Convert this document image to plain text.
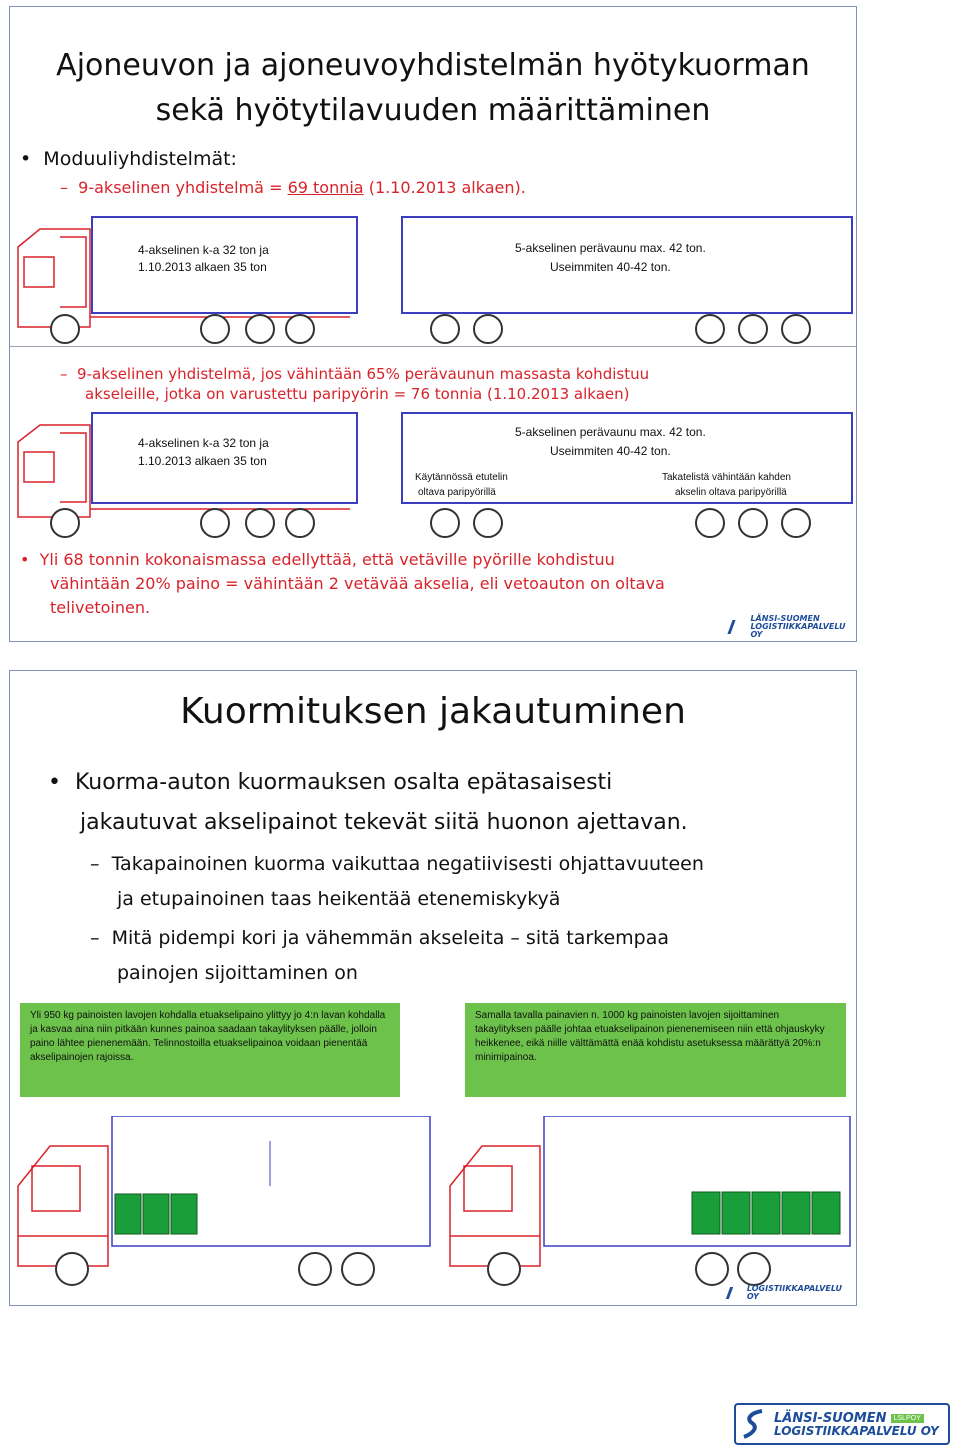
Ajoneuvon ja ajoneuvoyhdistelmän hyötykuorman
sekä hyötytilavuuden määrittäminen
•  Moduuliyhdistelmät:
–  9-akselinen yhdistelmä = 69 tonnia (1.10.2013 alkaen).
4-akselinen k-a 32 ton ja
1.10.2013 alkaen 35 ton
5-akselinen perävaunu max. 42 ton.
Useimmiten 40-42 ton.
–  9-akselinen yhdistelmä, jos vähintään 65% perävaunun massasta kohdistuu
akseleille, jotka on varustettu paripyörin = 76 tonnia (1.10.2013 alkaen)
4-akselinen k-a 32 ton ja
1.10.2013 alkaen 35 ton
5-akselinen perävaunu max. 42 ton.
Useimmiten 40-42 ton.
Käytännössä etutelin
oltava paripyörillä
Takatelistä vähintään kahden
akselin oltava paripyörillä
•  Yli 68 tonnin kokonaismassa edellyttää, että vetäville pyörille kohdistuu
vähintään 20% paino = vähintään 2 vetävää akselia, eli vetoauton on oltava
telivetoinen.
LÄNSI-SUOMEN
LOGISTIIKKAPALVELU OY
Kuormituksen jakautuminen
•  Kuorma-auton kuormauksen osalta epätasaisesti
jakautuvat akselipainot tekevät siitä huonon ajettavan.
–  Takapainoinen kuorma vaikuttaa negatiivisesti ohjattavuuteen
ja etupainoinen taas heikentää etenemiskykyä
–  Mitä pidempi kori ja vähemmän akseleita – sitä tarkempaa
painojen sijoittaminen on
Yli 950 kg painoisten lavojen kohdalla etuakselipaino ylittyy jo 4:n lavan kohdalla ja kasvaa aina niin pitkään kunnes painoa saadaan takaylityksen päälle, jolloin paino lähtee pienenemään. Telinnostoilla etuakselipainoa voidaan pienentää akselipainojen rajoissa.
Samalla tavalla painavien n. 1000 kg painoisten lavojen sijoittaminen takaylityksen päälle johtaa etuakselipainon pienenemiseen niin että ohjauskyky heikkenee, eikä niille välttämättä enää kohdistu asetuksessa määrättyä 20%:n minimipainoa.
LOGISTIIKKAPALVELU OY
LÄNSI-SUOMEN	LSLPOY
LOGISTIIKKAPALVELU OY
